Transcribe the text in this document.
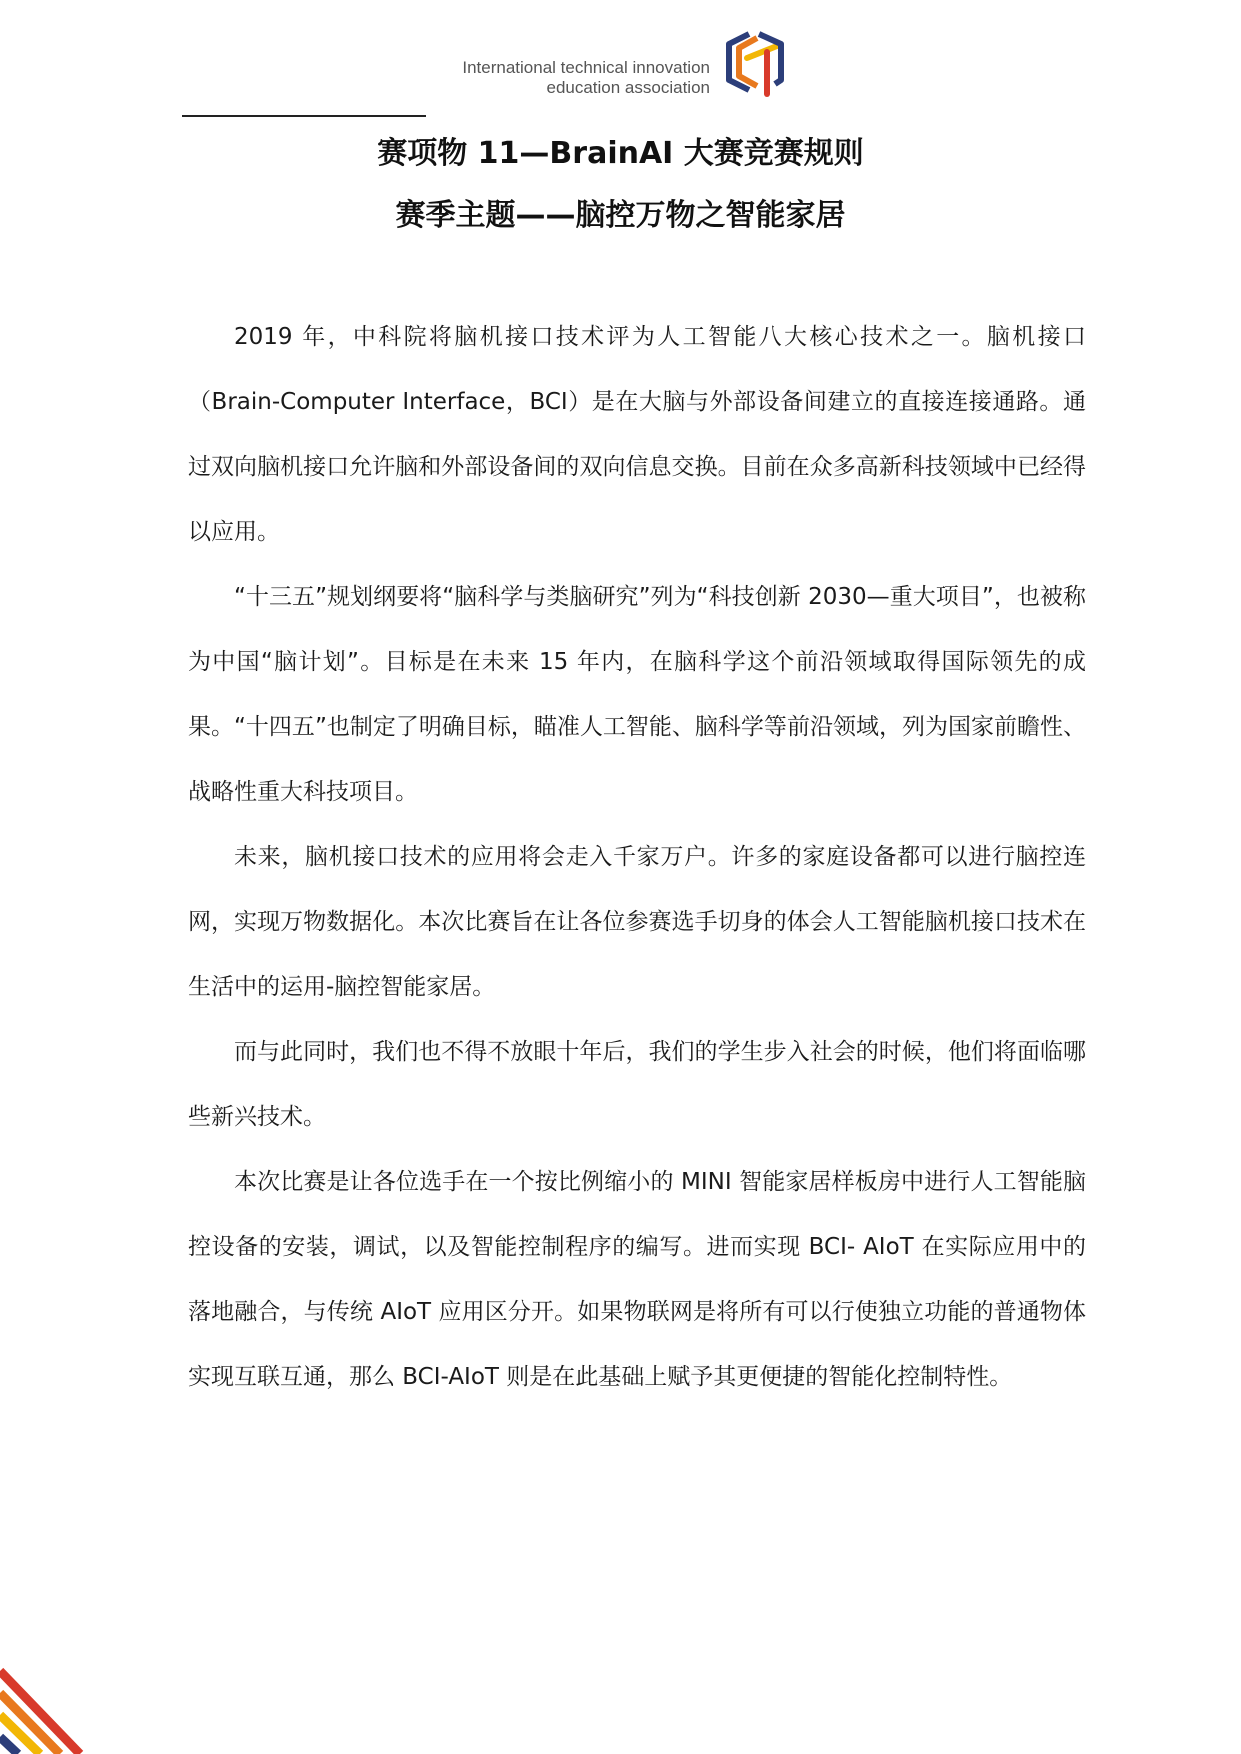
International technical innovation
education association
赛项物 11—BrainAI 大赛竞赛规则
赛季主题——脑控万物之智能家居

2019 年，中科院将脑机接口技术评为人工智能八大核心技术之一。脑机接口（Brain-Computer Interface，BCI）是在大脑与外部设备间建立的直接连接通路。通过双向脑机接口允许脑和外部设备间的双向信息交换。目前在众多高新科技领域中已经得以应用。

“十三五”规划纲要将“脑科学与类脑研究”列为“科技创新 2030—重大项目”，也被称为中国“脑计划”。目标是在未来 15 年内，在脑科学这个前沿领域取得国际领先的成果。“十四五”也制定了明确目标，瞄准人工智能、脑科学等前沿领域，列为国家前瞻性、战略性重大科技项目。

未来，脑机接口技术的应用将会走入千家万户。许多的家庭设备都可以进行脑控连网，实现万物数据化。本次比赛旨在让各位参赛选手切身的体会人工智能脑机接口技术在生活中的运用-脑控智能家居。

而与此同时，我们也不得不放眼十年后，我们的学生步入社会的时候，他们将面临哪些新兴技术。

本次比赛是让各位选手在一个按比例缩小的 MINI 智能家居样板房中进行人工智能脑控设备的安装，调试，以及智能控制程序的编写。进而实现 BCI- AIoT 在实际应用中的落地融合，与传统 AIoT 应用区分开。如果物联网是将所有可以行使独立功能的普通物体实现互联互通，那么 BCI-AIoT 则是在此基础上赋予其更便捷的智能化控制特性。
